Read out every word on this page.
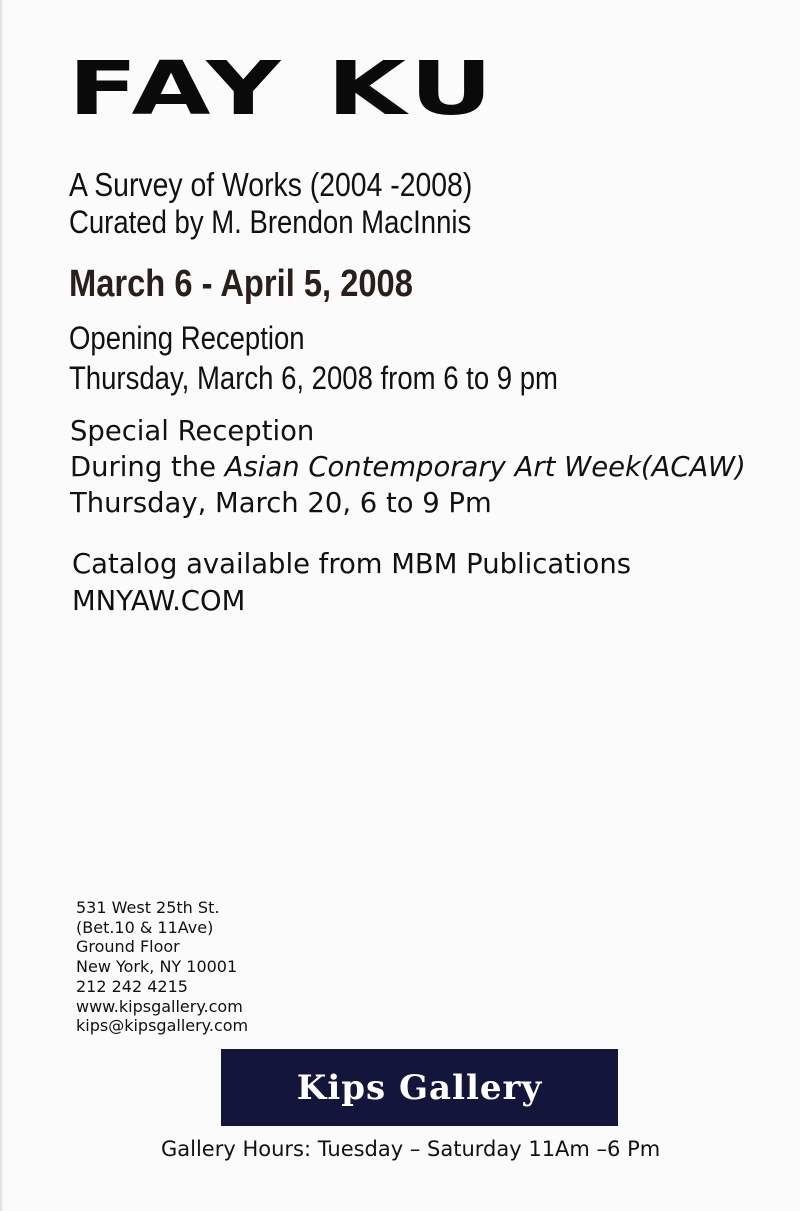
FAY KU
A Survey of Works (2004 -2008)
Curated by M. Brendon MacInnis
March 6 - April 5, 2008
Opening Reception
Thursday, March 6, 2008 from 6 to 9 pm
Special Reception
During the Asian Contemporary Art Week(ACAW)
Thursday, March 20, 6 to 9 Pm
Catalog available from MBM Publications
MNYAW.COM
531 West 25th St.
(Bet.10 & 11Ave)
Ground Floor
New York, NY 10001
212 242 4215
www.kipsgallery.com
kips@kipsgallery.com
Kips Gallery
Gallery Hours: Tuesday – Saturday 11Am –6 Pm
